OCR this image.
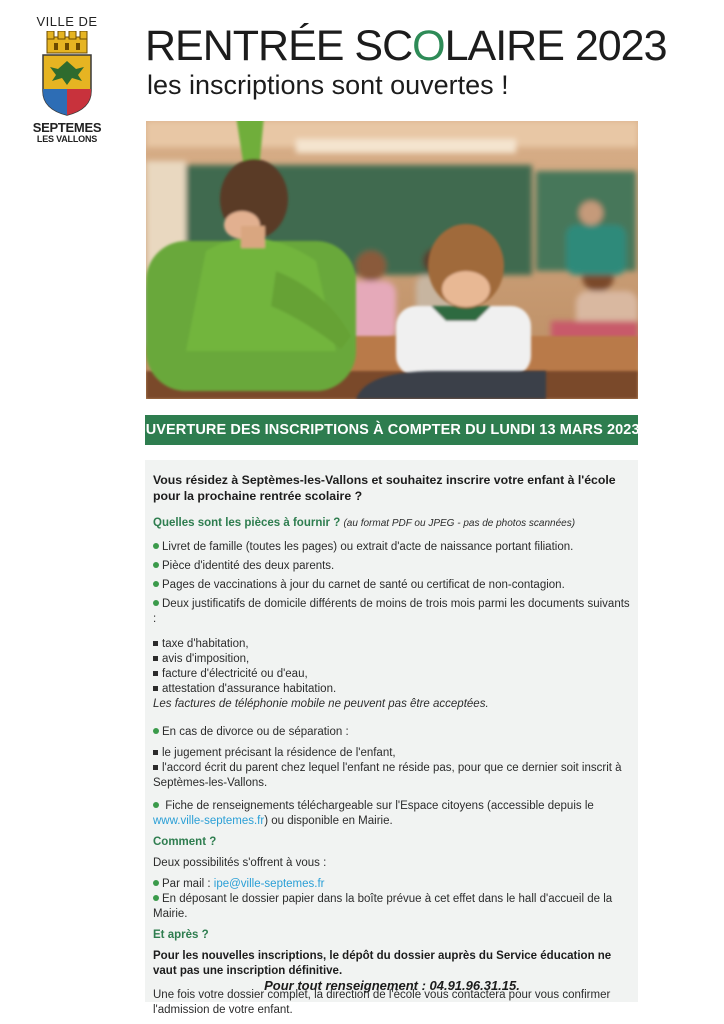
VILLE DE
SEPTEMES
LES VALLONS
RENTRÉE SCOLAIRE 2023
les inscriptions sont ouvertes !
OUVERTURE DES INSCRIPTIONS À COMPTER DU LUNDI 13 MARS 2023 !

Vous résidez à Septèmes-les-Vallons et souhaitez inscrire votre enfant à l'école pour la prochaine rentrée scolaire ?

Quelles sont les pièces à fournir ? (au format PDF ou JPEG - pas de photos scannées)

Livret de famille (toutes les pages) ou extrait d'acte de naissance portant filiation.

Pièce d'identité des deux parents.

Pages de vaccinations à jour du carnet de santé ou certificat de non-contagion.

Deux justificatifs de domicile différents de moins de trois mois parmi les documents suivants :

taxe d'habitation,

avis d'imposition,

facture d'électricité ou d'eau,

attestation d'assurance habitation.

Les factures de téléphonie mobile ne peuvent pas être acceptées.

En cas de divorce ou de séparation :

le jugement précisant la résidence de l'enfant,

l'accord écrit du parent chez lequel l'enfant ne réside pas, pour que ce dernier soit inscrit à Septèmes-les-Vallons.

Fiche de renseignements téléchargeable sur l'Espace citoyens (accessible depuis le www.ville-septemes.fr) ou disponible en Mairie.

Comment ?

Deux possibilités s'offrent à vous :

Par mail : ipe@ville-septemes.fr

En déposant le dossier papier dans la boîte prévue à cet effet dans le hall d'accueil de la Mairie.

Et après ?

Pour les nouvelles inscriptions, le dépôt du dossier auprès du Service éducation ne vaut pas une inscription définitive.

Une fois votre dossier complet, la direction de l'école vous contactera pour vous confirmer l'admission de votre enfant.

Pour tout renseignement : 04.91.96.31.15.
